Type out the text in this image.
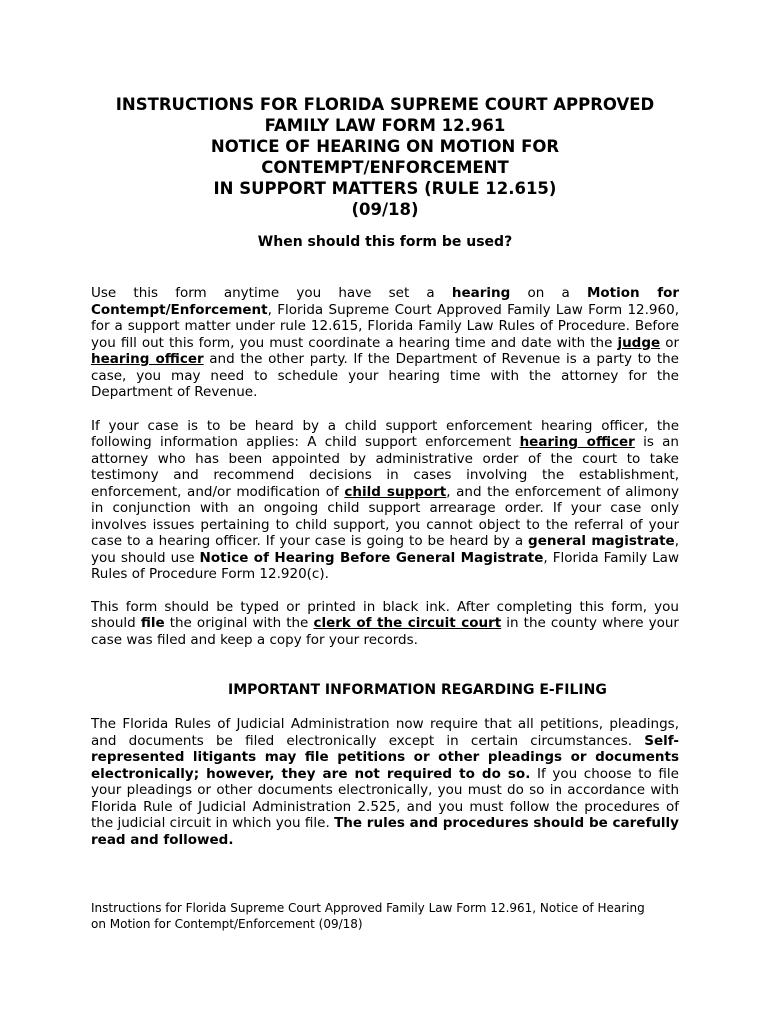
INSTRUCTIONS FOR FLORIDA SUPREME COURT APPROVED
FAMILY LAW FORM 12.961
NOTICE OF HEARING ON MOTION FOR
CONTEMPT/ENFORCEMENT
IN SUPPORT MATTERS (RULE 12.615)
(09/18)
When should this form be used?

Use this form anytime you have set a hearing on a Motion for Contempt/Enforcement, Florida Supreme Court Approved Family Law Form 12.960, for a support matter under rule 12.615, Florida Family Law Rules of Procedure. Before you fill out this form, you must coordinate a hearing time and date with the judge or hearing officer and the other party. If the Department of Revenue is a party to the case, you may need to schedule your hearing time with the attorney for the Department of Revenue.

If your case is to be heard by a child support enforcement hearing officer, the following information applies: A child support enforcement hearing officer is an attorney who has been appointed by administrative order of the court to take testimony and recommend decisions in cases involving the establishment, enforcement, and/or modification of child support, and the enforcement of alimony in conjunction with an ongoing child support arrearage order. If your case only involves issues pertaining to child support, you cannot object to the referral of your case to a hearing officer. If your case is going to be heard by a general magistrate, you should use Notice of Hearing Before General Magistrate, Florida Family Law Rules of Procedure Form 12.920(c).

This form should be typed or printed in black ink. After completing this form, you should file the original with the clerk of the circuit court in the county where your case was filed and keep a copy for your records.

IMPORTANT INFORMATION REGARDING E-FILING

The Florida Rules of Judicial Administration now require that all petitions, pleadings, and documents be filed electronically except in certain circumstances. Self-represented litigants may file petitions or other pleadings or documents electronically; however, they are not required to do so. If you choose to file your pleadings or other documents electronically, you must do so in accordance with Florida Rule of Judicial Administration 2.525, and you must follow the procedures of the judicial circuit in which you file. The rules and procedures should be carefully read and followed.

Instructions for Florida Supreme Court Approved Family Law Form 12.961, Notice of Hearing
on Motion for Contempt/Enforcement (09/18)
